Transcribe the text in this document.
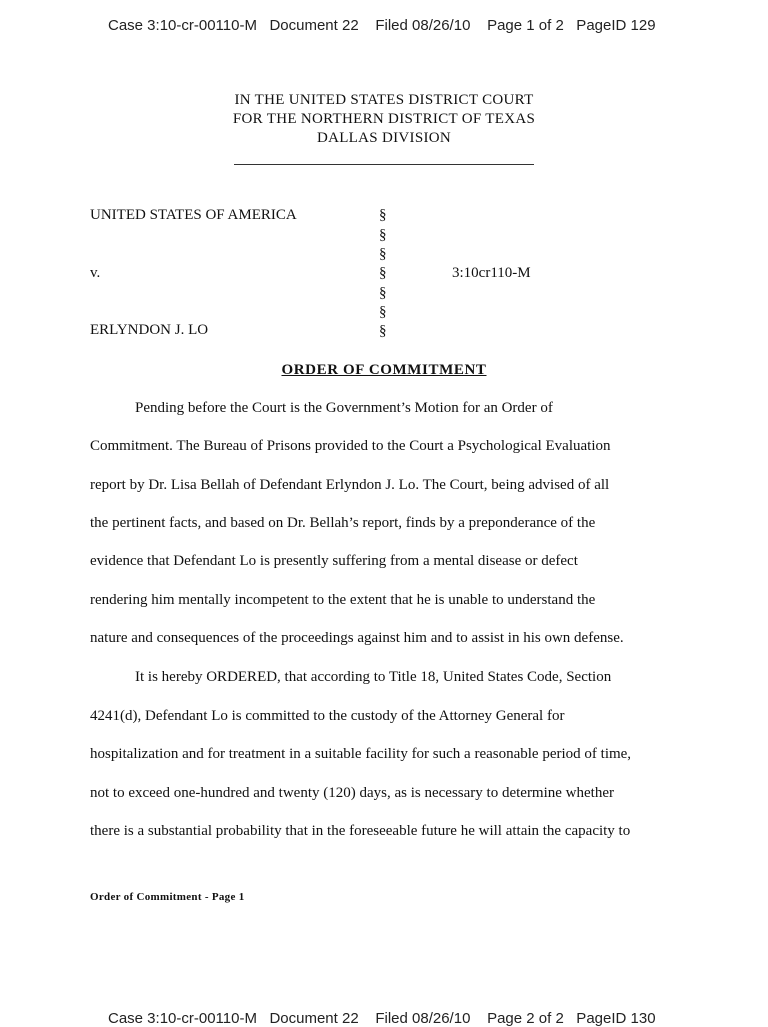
Case 3:10-cr-00110-M   Document 22    Filed 08/26/10    Page 1 of 2   PageID 129
IN THE UNITED STATES DISTRICT COURT
FOR THE NORTHERN DISTRICT OF TEXAS
DALLAS DIVISION
UNITED STATES OF AMERICA
v.
ERLYNDON J. LO
3:10cr110-M
§
§
§
§
§
§
§
ORDER OF COMMITMENT
Pending before the Court is the Government’s Motion for an Order of
Commitment. The Bureau of Prisons provided to the Court a Psychological Evaluation
report by Dr. Lisa Bellah of Defendant Erlyndon J. Lo. The Court, being advised of all
the pertinent facts, and based on Dr. Bellah’s report, finds by a preponderance of the
evidence that Defendant Lo is presently suffering from a mental disease or defect
rendering him mentally incompetent to the extent that he is unable to understand the
nature and consequences of the proceedings against him and to assist in his own defense.
It is hereby ORDERED, that according to Title 18, United States Code, Section
4241(d), Defendant Lo is committed to the custody of the Attorney General for
hospitalization and for treatment in a suitable facility for such a reasonable period of time,
not to exceed one-hundred and twenty (120) days, as is necessary to determine whether
there is a substantial probability that in the foreseeable future he will attain the capacity to
Order of Commitment - Page 1
Case 3:10-cr-00110-M   Document 22    Filed 08/26/10    Page 2 of 2   PageID 130
